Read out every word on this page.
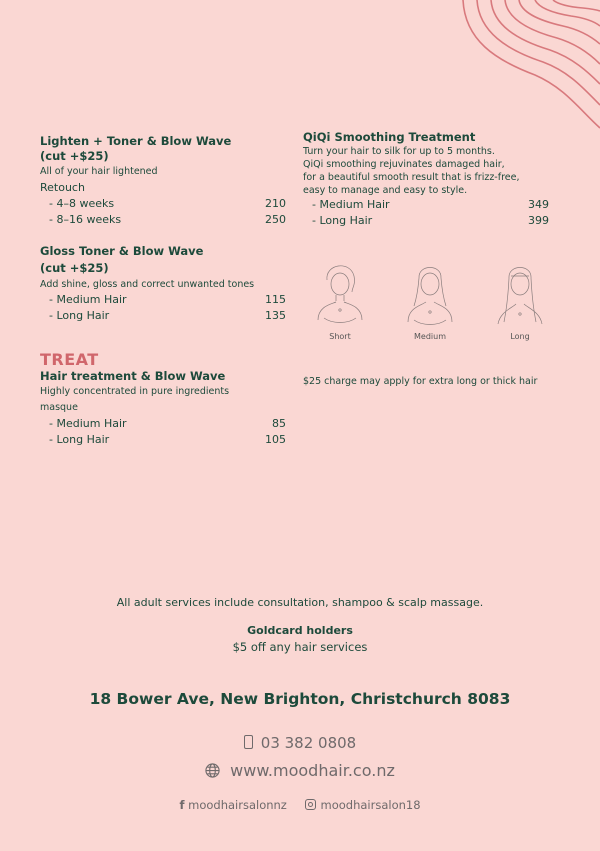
Lighten + Toner & Blow Wave
(cut +$25)
All of your hair lightened
Retouch
- 4–8 weeks	210
- 8–16 weeks	250
Gloss Toner & Blow Wave
(cut +$25)
Add shine, gloss and correct unwanted tones
- Medium Hair	115
- Long Hair	135
TREAT
Hair treatment & Blow Wave
Highly concentrated in pure ingredients
masque
- Medium Hair	85
- Long Hair	105
QiQi Smoothing Treatment
Turn your hair to silk for up to 5 months.
QiQi smoothing rejuvinates damaged hair,
for a beautiful smooth result that is frizz-free,
easy to manage and easy to style.
- Medium Hair	349
- Long Hair	399
Short	Medium	Long
$25 charge may apply for extra long or thick hair
All adult services include consultation, shampoo & scalp massage.
Goldcard holders
$5 off any hair services
18 Bower Ave, New Brighton, Christchurch 8083
03 382 0808
www.moodhair.co.nz
f moodhairsalonnz	moodhairsalon18
